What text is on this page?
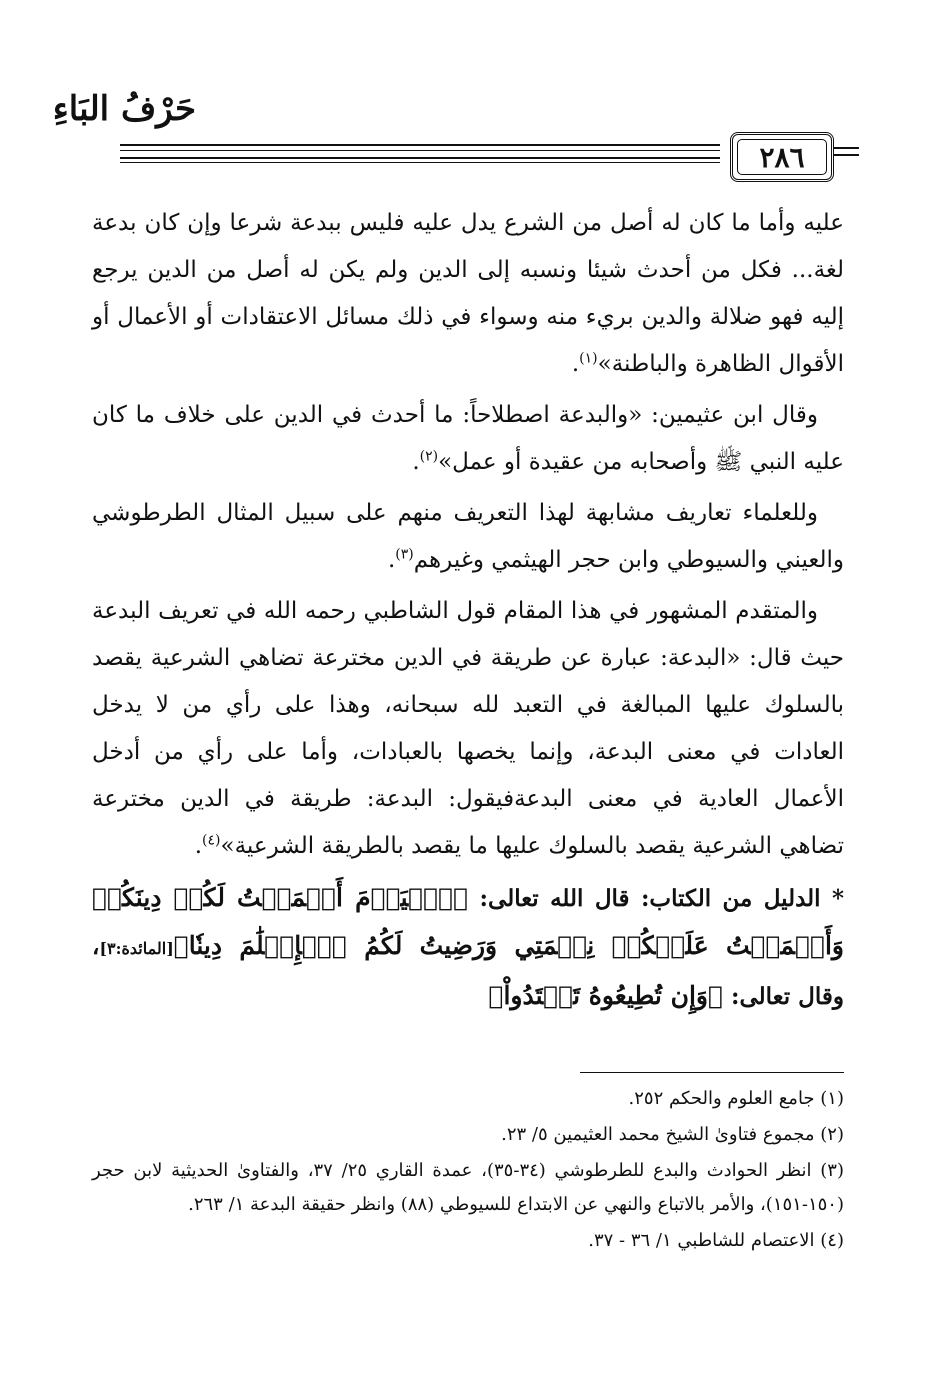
حَرْفُ البَاءِ
٢٨٦

عليه وأما ما كان له أصل من الشرع يدل عليه فليس ببدعة شرعا وإن كان بدعة لغة... فكل من أحدث شيئا ونسبه إلى الدين ولم يكن له أصل من الدين يرجع إليه فهو ضلالة والدين بريء منه وسواء في ذلك مسائل الاعتقادات أو الأعمال أو الأقوال الظاهرة والباطنة»$^{(١)}$.

وقال ابن عثيمين: «والبدعة اصطلاحاً: ما أحدث في الدين على خلاف ما كان عليه النبي ﷺ وأصحابه من عقيدة أو عمل»$^{(٢)}$.

وللعلماء تعاريف مشابهة لهذا التعريف منهم على سبيل المثال الطرطوشي والعيني والسيوطي وابن حجر الهيثمي وغيرهم$^{(٣)}$.

والمتقدم المشهور في هذا المقام قول الشاطبي رحمه الله في تعريف البدعة حيث قال: «البدعة: عبارة عن طريقة في الدين مخترعة تضاهي الشرعية يقصد بالسلوك عليها المبالغة في التعبد لله سبحانه، وهذا على رأي من لا يدخل العادات في معنى البدعة، وإنما يخصها بالعبادات، وأما على رأي من أدخل الأعمال العادية في معنى البدعةفيقول: البدعة: طريقة في الدين مخترعة تضاهي الشرعية يقصد بالسلوك عليها ما يقصد بالطريقة الشرعية»$^{(٤)}$.

* الدليل من الكتاب: قال الله تعالى: ﴿ٱلۡيَوۡمَ أَكۡمَلۡتُ لَكُمۡ دِينَكُمۡ وَأَتۡمَمۡتُ عَلَيۡكُمۡ نِعۡمَتِي وَرَضِيتُ لَكُمُ ٱلۡإِسۡلَٰمَ دِينٗا﴾[المائدة:٣]، وقال تعالى: ﴿وَإِن تُطِيعُوهُ تَهۡتَدُواْ﴾

(١) جامع العلوم والحكم ٢٥٢.

(٢) مجموع فتاوىٰ الشيخ محمد العثيمين ٥/ ٢٣.

(٣) انظر الحوادث والبدع للطرطوشي (٣٤-٣٥)، عمدة القاري ٢٥/ ٣٧، والفتاوىٰ الحديثية لابن حجر (١٥٠-١٥١)، والأمر بالاتباع والنهي عن الابتداع للسيوطي (٨٨) وانظر حقيقة البدعة ١/ ٢٦٣.

(٤) الاعتصام للشاطبي ١/ ٣٦ - ٣٧.
